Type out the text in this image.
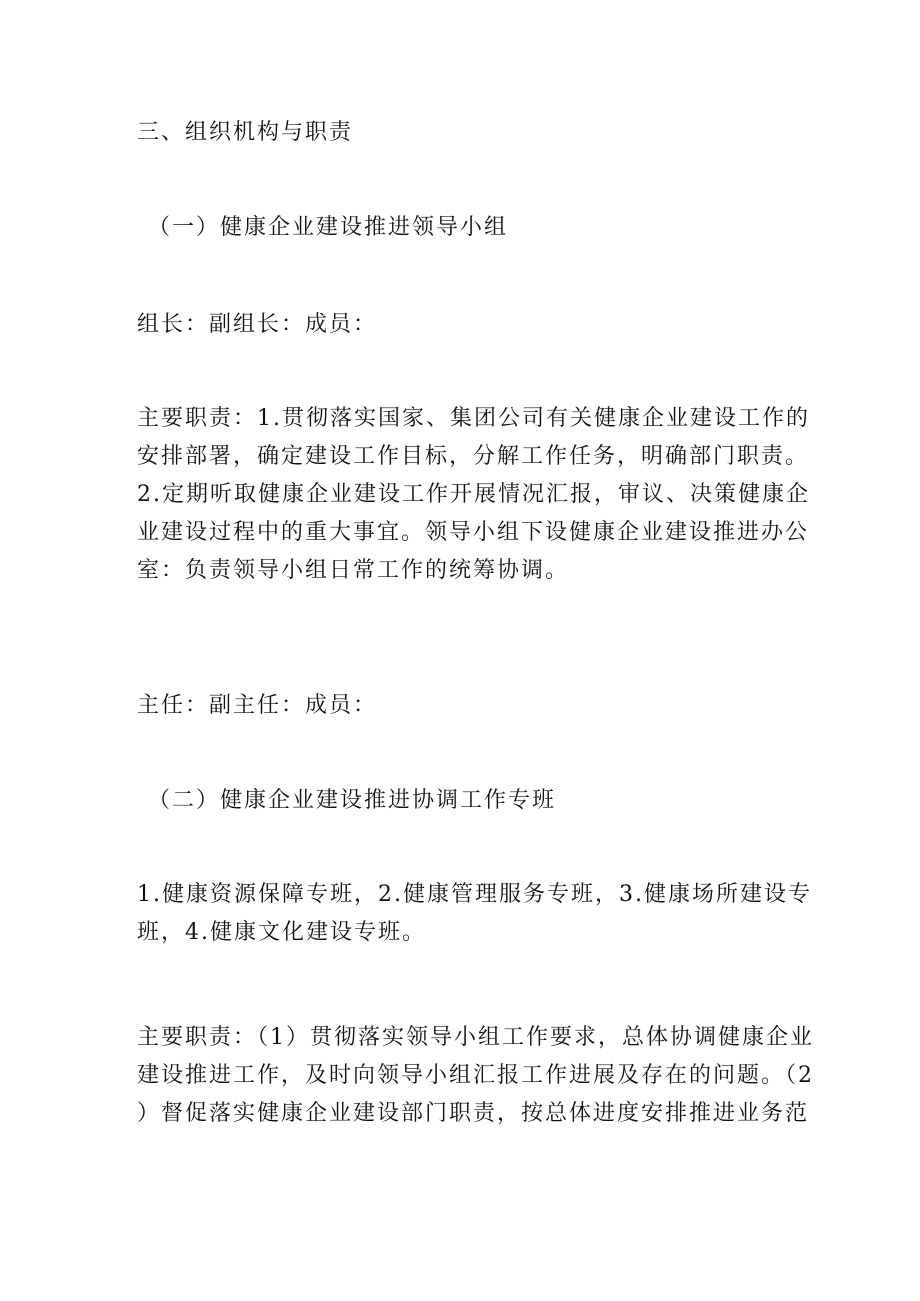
三、组织机构与职责
（一）健康企业建设推进领导小组
组长：副组长：成员：
主要职责：1.贯彻落实国家、集团公司有关健康企业建设工作的
安排部署，确定建设工作目标，分解工作任务，明确部门职责。
2.定期听取健康企业建设工作开展情况汇报，审议、决策健康企
业建设过程中的重大事宜。领导小组下设健康企业建设推进办公
室：负责领导小组日常工作的统筹协调。
主任：副主任：成员：
（二）健康企业建设推进协调工作专班
1.健康资源保障专班，2.健康管理服务专班，3.健康场所建设专
班，4.健康文化建设专班。
主要职责：（1）贯彻落实领导小组工作要求，总体协调健康企业
建设推进工作，及时向领导小组汇报工作进展及存在的问题。（2
）督促落实健康企业建设部门职责，按总体进度安排推进业务范
